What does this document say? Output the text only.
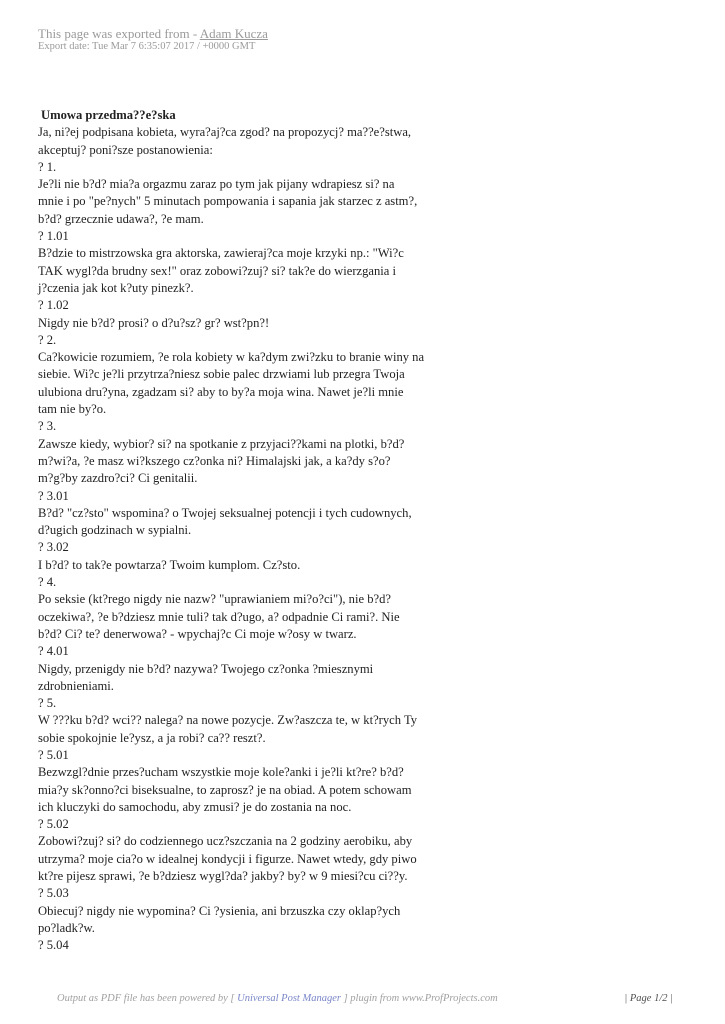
This page was exported from - Adam Kucza
Export date: Tue Mar 7 6:35:07 2017 / +0000 GMT
Umowa przedma??e?ska
Ja, ni?ej podpisana kobieta, wyra?aj?ca zgod? na propozycj? ma??e?stwa,
akceptuj? poni?sze postanowienia:
? 1.
Je?li nie b?d? mia?a orgazmu zaraz po tym jak pijany wdrapiesz si? na
mnie i po "pe?nych" 5 minutach pompowania i sapania jak starzec z astm?,
b?d? grzecznie udawa?, ?e mam.
? 1.01
B?dzie to mistrzowska gra aktorska, zawieraj?ca moje krzyki np.: "Wi?c
TAK wygl?da brudny sex!" oraz zobowi?zuj? si? tak?e do wierzgania i
j?czenia jak kot k?uty pinezk?.
? 1.02
Nigdy nie b?d? prosi? o d?u?sz? gr? wst?pn?!
? 2.
Ca?kowicie rozumiem, ?e rola kobiety w ka?dym zwi?zku to branie winy na
siebie. Wi?c je?li przytrza?niesz sobie palec drzwiami lub przegra Twoja
ulubiona dru?yna, zgadzam si? aby to by?a moja wina. Nawet je?li mnie
tam nie by?o.
? 3.
Zawsze kiedy, wybior? si? na spotkanie z przyjaci??kami na plotki, b?d?
m?wi?a, ?e masz wi?kszego cz?onka ni? Himalajski jak, a ka?dy s?o?
m?g?by zazdro?ci? Ci genitalii.
? 3.01
B?d? "cz?sto" wspomina? o Twojej seksualnej potencji i tych cudownych,
d?ugich godzinach w sypialni.
? 3.02
I b?d? to tak?e powtarza? Twoim kumplom. Cz?sto.
? 4.
Po seksie (kt?rego nigdy nie nazw? "uprawianiem mi?o?ci"), nie b?d?
oczekiwa?, ?e b?dziesz mnie tuli? tak d?ugo, a? odpadnie Ci rami?. Nie
b?d? Ci? te? denerwowa? - wpychaj?c Ci moje w?osy w twarz.
? 4.01
Nigdy, przenigdy nie b?d? nazywa? Twojego cz?onka ?miesznymi
zdrobnieniami.
? 5.
W ???ku b?d? wci?? nalega? na nowe pozycje. Zw?aszcza te, w kt?rych Ty
sobie spokojnie le?ysz, a ja robi? ca?? reszt?.
? 5.01
Bezwzgl?dnie przes?ucham wszystkie moje kole?anki i je?li kt?re? b?d?
mia?y sk?onno?ci biseksualne, to zaprosz? je na obiad. A potem schowam
ich kluczyki do samochodu, aby zmusi? je do zostania na noc.
? 5.02
Zobowi?zuj? si? do codziennego ucz?szczania na 2 godziny aerobiku, aby
utrzyma? moje cia?o w idealnej kondycji i figurze. Nawet wtedy, gdy piwo
kt?re pijesz sprawi, ?e b?dziesz wygl?da? jakby? by? w 9 miesi?cu ci??y.
? 5.03
Obiecuj? nigdy nie wypomina? Ci ?ysienia, ani brzuszka czy oklap?ych
po?ladk?w.
? 5.04
Output as PDF file has been powered by [ Universal Post Manager ] plugin from www.ProfProjects.com	| Page 1/2 |
